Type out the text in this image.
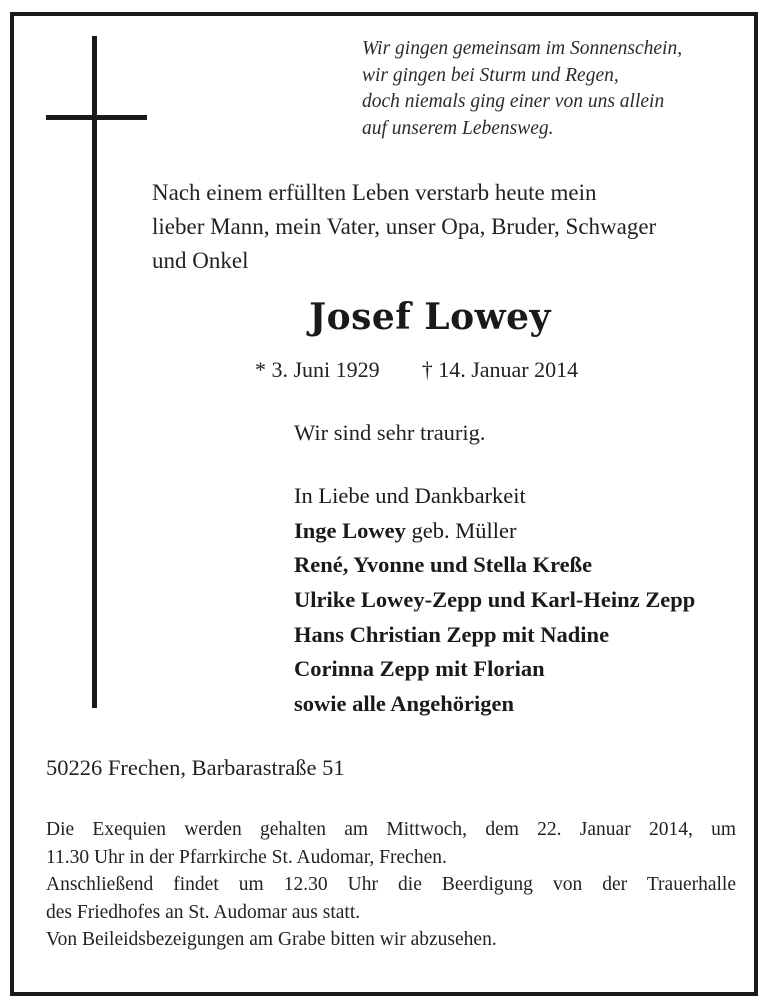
Wir gingen gemeinsam im Sonnenschein,
wir gingen bei Sturm und Regen,
doch niemals ging einer von uns allein
auf unserem Lebensweg.
Nach einem erfüllten Leben verstarb heute mein
lieber Mann, mein Vater, unser Opa, Bruder, Schwager
und Onkel
Josef Lowey
* 3. Juni 1929 † 14. Januar 2014
Wir sind sehr traurig.
In Liebe und Dankbarkeit
Inge Lowey geb. Müller
René, Yvonne und Stella Kreße
Ulrike Lowey-Zepp und Karl-Heinz Zepp
Hans Christian Zepp mit Nadine
Corinna Zepp mit Florian
sowie alle Angehörigen
50226 Frechen, Barbarastraße 51
Die Exequien werden gehalten am Mittwoch, dem 22. Januar 2014, um
11.30 Uhr in der Pfarrkirche St. Audomar, Frechen.
Anschließend findet um 12.30 Uhr die Beerdigung von der Trauerhalle
des Friedhofes an St. Audomar aus statt.
Von Beileidsbezeigungen am Grabe bitten wir abzusehen.
